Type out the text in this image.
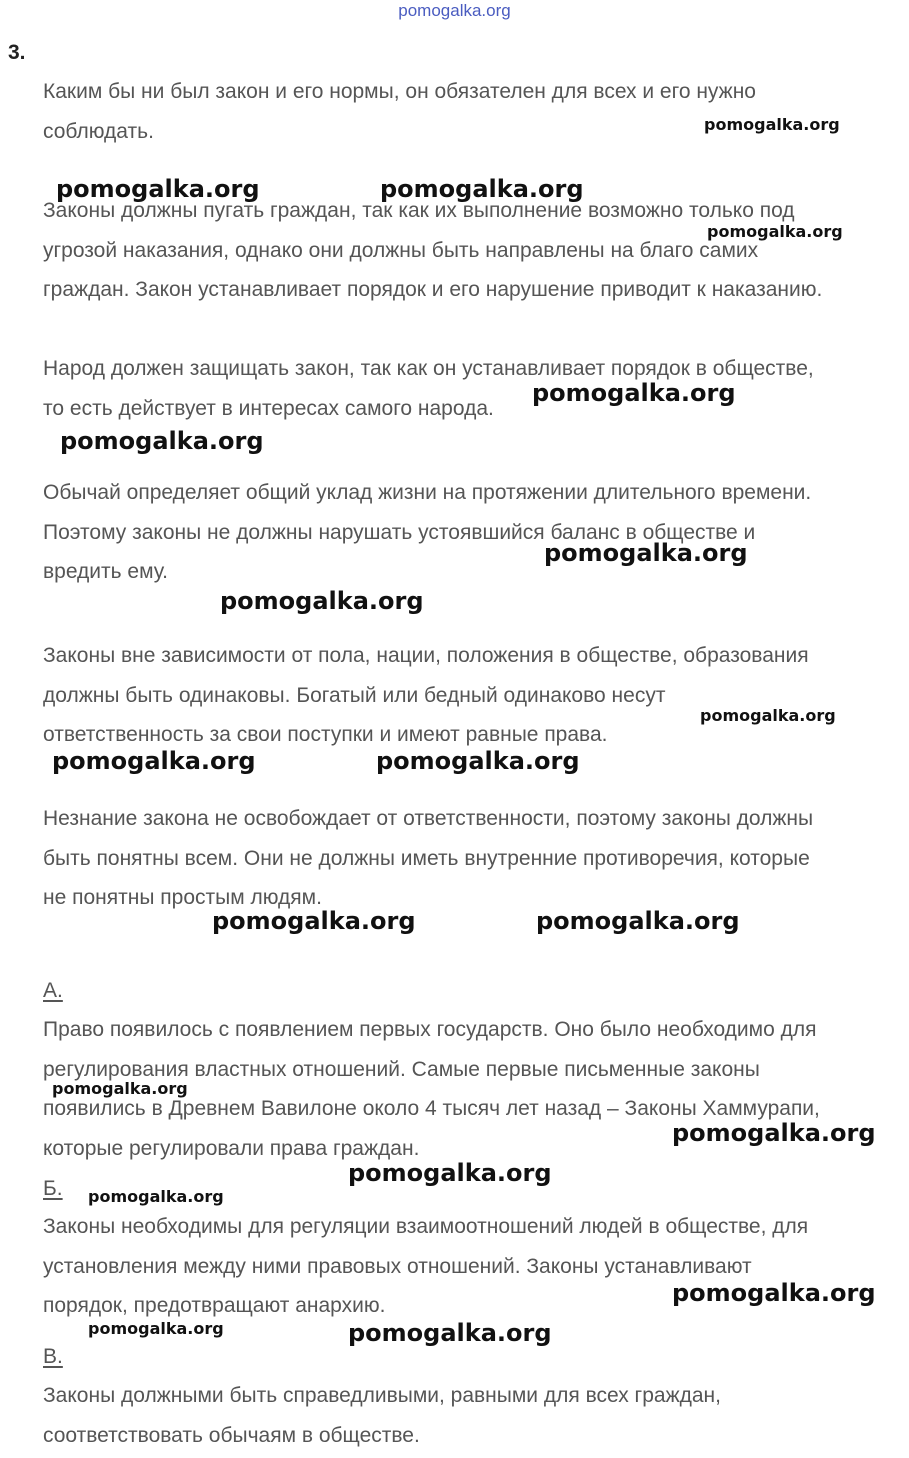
pomogalka.org
3.

Каким бы ни был закон и его нормы, он обязателен для всех и его нужно
соблюдать.

Законы должны пугать граждан, так как их выполнение возможно только под
угрозой наказания, однако они должны быть направлены на благо самих
граждан. Закон устанавливает порядок и его нарушение приводит к наказанию.

Народ должен защищать закон, так как он устанавливает порядок в обществе,
то есть действует в интересах самого народа.

Обычай определяет общий уклад жизни на протяжении длительного времени.
Поэтому законы не должны нарушать устоявшийся баланс в обществе и
вредить ему.

Законы вне зависимости от пола, нации, положения в обществе, образования
должны быть одинаковы. Богатый или бедный одинаково несут
ответственность за свои поступки и имеют равные права.

Незнание закона не освобождает от ответственности, поэтому законы должны
быть понятны всем. Они не должны иметь внутренние противоречия, которые
не понятны простым людям.

А.

Право появилось с появлением первых государств. Оно было необходимо для
регулирования властных отношений. Самые первые письменные законы
появились в Древнем Вавилоне около 4 тысяч лет назад – Законы Хаммурапи,
которые регулировали права граждан.

Б.

Законы необходимы для регуляции взаимоотношений людей в обществе, для
установления между ними правовых отношений. Законы устанавливают
порядок, предотвращают анархию.

В.

Законы должными быть справедливыми, равными для всех граждан,
соответствовать обычаям в обществе.

pomogalka.org
pomogalka.org	pomogalka.org
pomogalka.org
pomogalka.org
pomogalka.org
pomogalka.org
pomogalka.org
pomogalka.org
pomogalka.org	pomogalka.org
pomogalka.org	pomogalka.org
pomogalka.org
pomogalka.org
pomogalka.org
pomogalka.org
pomogalka.org
pomogalka.org	pomogalka.org
